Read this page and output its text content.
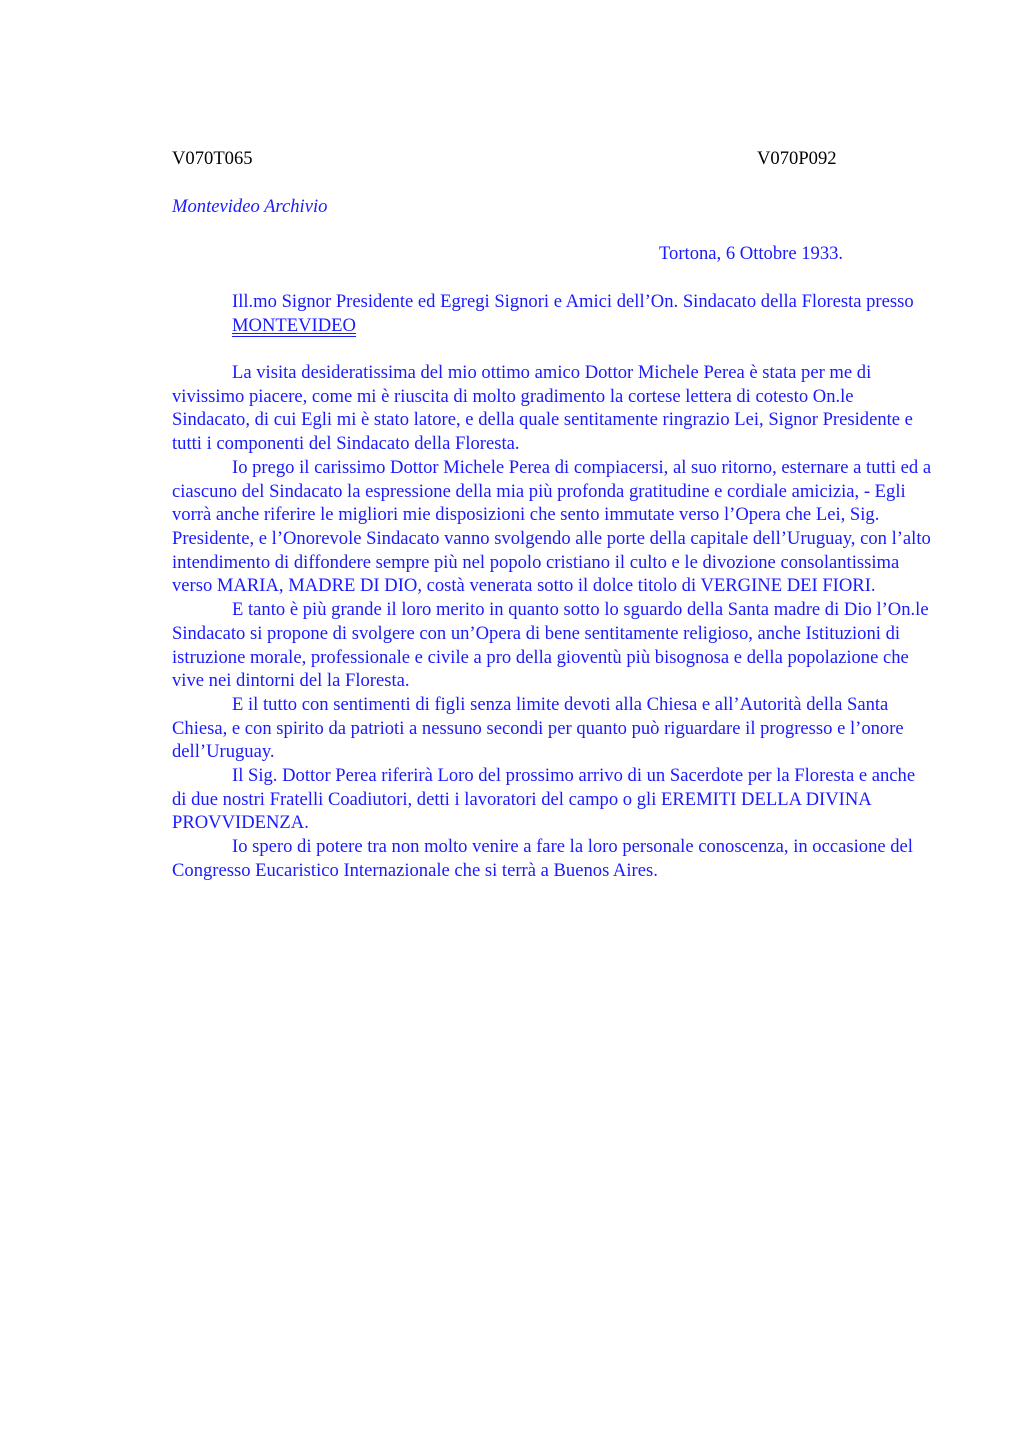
V070T065	V070P092
Montevideo Archivio
Tortona, 6 Ottobre 1933.

Ill.mo Signor Presidente ed Egregi Signori e Amici dell’On. Sindacato della Floresta presso

MONTEVIDEO

La visita desideratissima del mio ottimo amico Dottor Michele Perea è stata per me di vivissimo piacere, come mi è riuscita di molto gradimento la cortese lettera di cotesto On.le Sindacato, di cui Egli mi è stato latore, e della quale sentitamente ringrazio Lei, Signor Presidente e tutti i componenti del Sindacato della Floresta.

Io prego il carissimo Dottor Michele Perea di compiacersi, al suo ritorno, esternare a tutti ed a ciascuno del Sindacato la espressione della mia più profonda gratitudine e cordiale amicizia, - Egli vorrà anche riferire le migliori mie disposizioni che sento immutate verso l’Opera che Lei, Sig. Presidente, e l’Onorevole Sindacato vanno svolgendo alle porte della capitale dell’Uruguay, con l’alto intendimento di diffondere sempre più nel popolo cristiano il culto e le divozione consolantissima verso MARIA, MADRE DI DIO, costà venerata sotto il dolce titolo di VERGINE DEI FIORI.

E tanto è più grande il loro merito in quanto sotto lo sguardo della Santa madre di Dio l’On.le Sindacato si propone di svolgere con un’Opera di bene sentitamente religioso, anche Istituzioni di istruzione morale, professionale e civile a pro della gioventù più bisognosa e della popolazione che vive nei dintorni del la Floresta.

E il tutto con sentimenti di figli senza limite devoti alla Chiesa e all’Autorità della Santa Chiesa, e con spirito da patrioti a nessuno secondi per quanto può riguardare il progresso e l’onore dell’Uruguay.

Il Sig. Dottor Perea riferirà Loro del prossimo arrivo di un Sacerdote per la Floresta e anche di due nostri Fratelli Coadiutori, detti i lavoratori del campo o gli EREMITI DELLA DIVINA PROVVIDENZA.

Io spero di potere tra non molto venire a fare la loro personale conoscenza, in occasione del Congresso Eucaristico Internazionale che si terrà a Buenos Aires.
